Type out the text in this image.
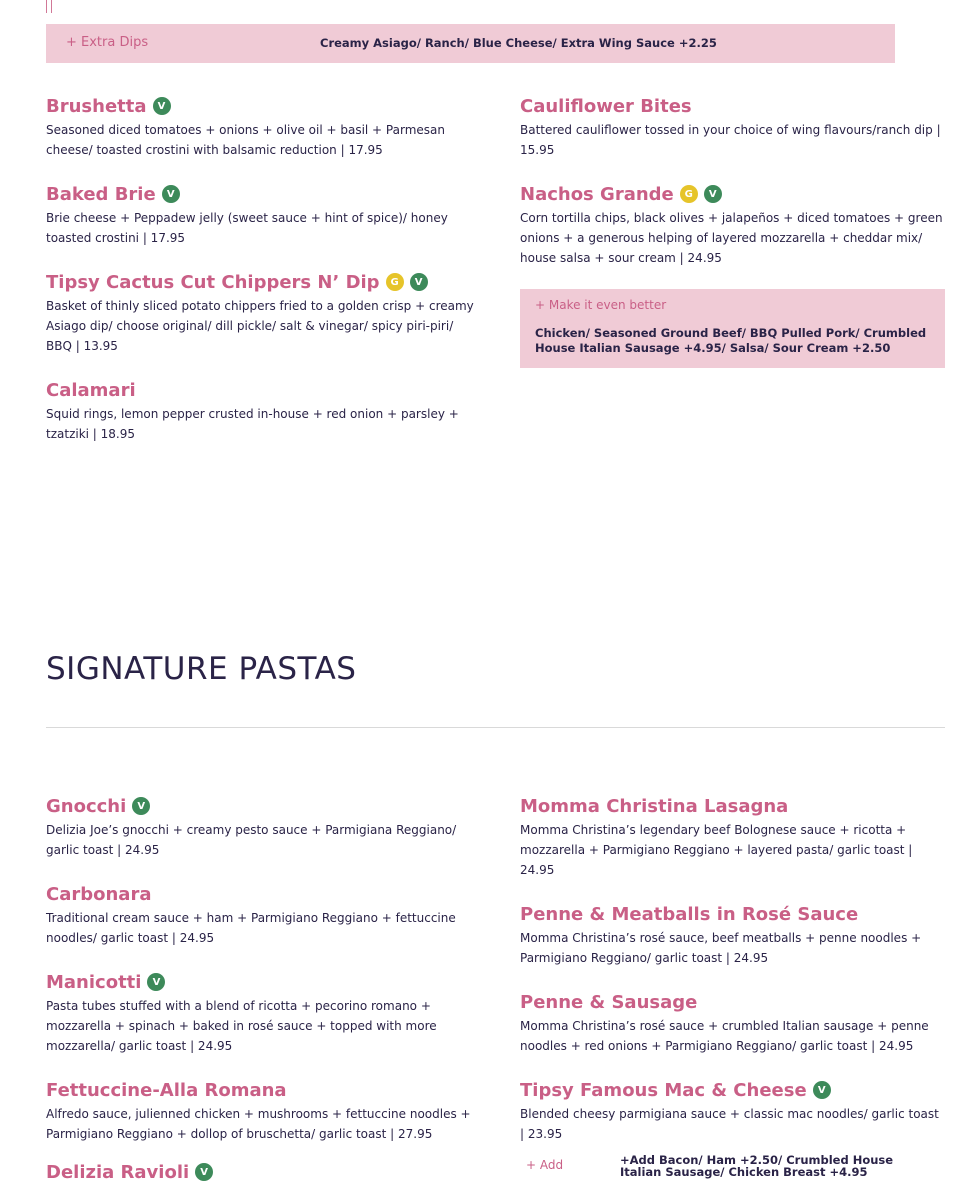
+ Extra Dips	Creamy Asiago/ Ranch/ Blue Cheese/ Extra Wing Sauce +2.25
Brushetta	V
Seasoned diced tomatoes + onions + olive oil + basil + Parmesan cheese/ toasted crostini with balsamic reduction | 17.95
Baked Brie	V
Brie cheese + Peppadew jelly (sweet sauce + hint of spice)/ honey toasted crostini | 17.95
Tipsy Cactus Cut Chippers N’ Dip	G	V
Basket of thinly sliced potato chippers fried to a golden crisp + creamy Asiago dip/ choose original/ dill pickle/ salt & vinegar/ spicy piri-piri/ BBQ | 13.95
Calamari
Squid rings, lemon pepper crusted in-house + red onion + parsley + tzatziki | 18.95
Cauliflower Bites
Battered cauliflower tossed in your choice of wing flavours/ranch dip | 15.95
Nachos Grande	G	V
Corn tortilla chips, black olives + jalapeños + diced tomatoes + green onions + a generous helping of layered mozzarella + cheddar mix/ house salsa + sour cream | 24.95
+ Make it even better
Chicken/ Seasoned Ground Beef/ BBQ Pulled Pork/ Crumbled House Italian Sausage +4.95/ Salsa/ Sour Cream +2.50
SIGNATURE PASTAS
Gnocchi	V
Delizia Joe’s gnocchi + creamy pesto sauce + Parmigiana Reggiano/ garlic toast | 24.95
Carbonara
Traditional cream sauce + ham + Parmigiano Reggiano + fettuccine noodles/ garlic toast | 24.95
Manicotti	V
Pasta tubes stuffed with a blend of ricotta + pecorino romano + mozzarella + spinach + baked in rosé sauce + topped with more mozzarella/ garlic toast | 24.95
Fettuccine-Alla Romana
Alfredo sauce, julienned chicken + mushrooms + fettuccine noodles + Parmigiano Reggiano + dollop of bruschetta/ garlic toast | 27.95
Delizia Ravioli	V
Momma Christina Lasagna
Momma Christina’s legendary beef Bolognese sauce + ricotta + mozzarella + Parmigiano Reggiano + layered pasta/ garlic toast | 24.95
Penne & Meatballs in Rosé Sauce
Momma Christina’s rosé sauce, beef meatballs + penne noodles + Parmigiano Reggiano/ garlic toast | 24.95
Penne & Sausage
Momma Christina’s rosé sauce + crumbled Italian sausage + penne noodles + red onions + Parmigiano Reggiano/ garlic toast | 24.95
Tipsy Famous Mac & Cheese	V
Blended cheesy parmigiana sauce + classic mac noodles/ garlic toast | 23.95
+ Add	+Add Bacon/ Ham +2.50/ Crumbled House Italian Sausage/ Chicken Breast +4.95
